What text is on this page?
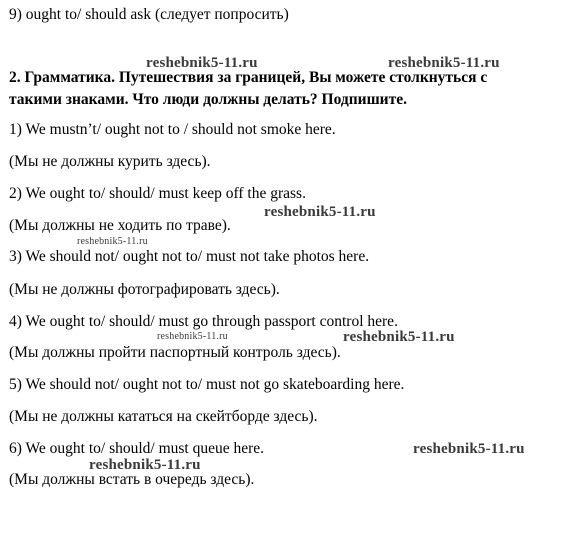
9) ought to/ should ask (следует попросить)
reshebnik5-11.ru	reshebnik5-11.ru
2. Грамматика. Путешествия за границей, Вы можете столкнуться с
такими знаками. Что люди должны делать? Подпишите.
1) We mustn’t/ ought not to / should not smoke here.
(Мы не должны курить здесь).
2) We ought to/ should/ must keep off the grass.
reshebnik5-11.ru
(Мы должны не ходить по траве).
reshebnik5-11.ru
3) We should not/ ought not to/ must not take photos here.
(Мы не должны фотографировать здесь).
4) We ought to/ should/ must go through passport control here.
reshebnik5-11.ru	reshebnik5-11.ru
(Мы должны пройти паспортный контроль здесь).
5) We should not/ ought not to/ must not go skateboarding here.
(Мы не должны кататься на скейтборде здесь).
6) We ought to/ should/ must queue here.	reshebnik5-11.ru
reshebnik5-11.ru
(Мы должны встать в очередь здесь).
